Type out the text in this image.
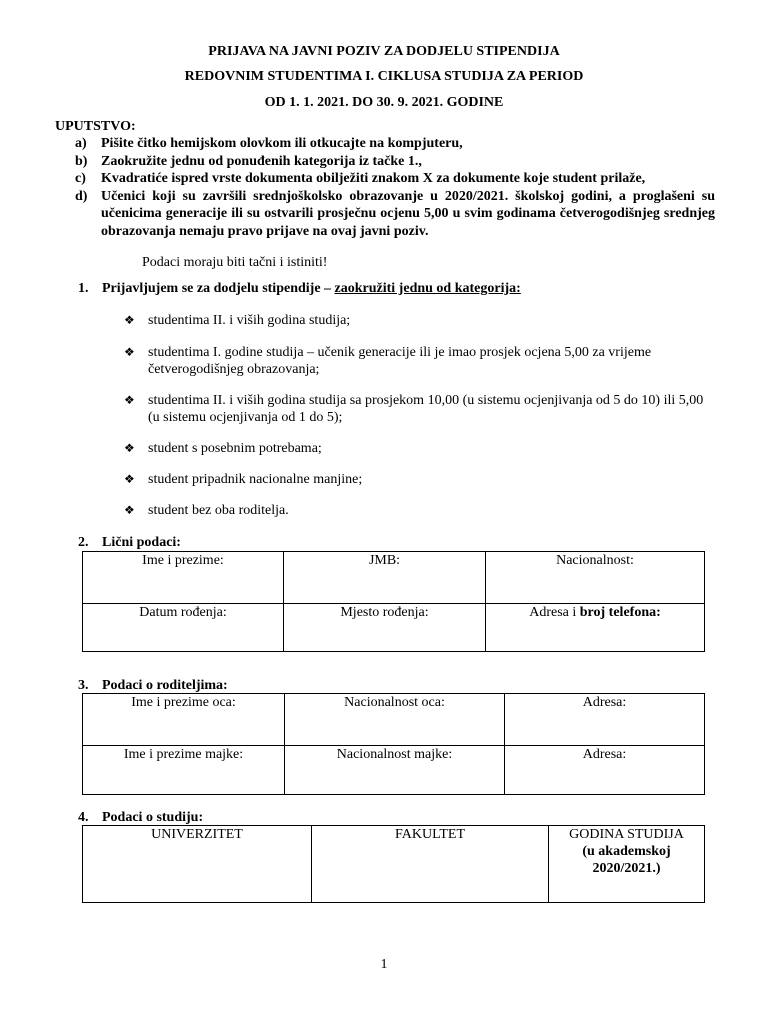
PRIJAVA NA JAVNI POZIV ZA DODJELU STIPENDIJA
REDOVNIM STUDENTIMA I. CIKLUSA STUDIJA ZA PERIOD
OD 1. 1. 2021. DO 30. 9. 2021. GODINE
UPUTSTVO:
a)	Pišite čitko hemijskom olovkom ili otkucajte na kompjuteru,
b) Zaokružite jednu od ponuđenih kategorija iz tačke 1.,
c)	Kvadratiće ispred vrste dokumenta obilježiti znakom X za dokumente koje student prilaže,
d) Učenici koji su završili srednjoškolsko obrazovanje u 2020/2021. školskoj godini, a proglašeni su učenicima generacije ili su ostvarili prosječnu ocjenu 5,00 u svim godinama četverogodišnjeg srednjeg obrazovanja nemaju pravo prijave na ovaj javni poziv.
Podaci moraju biti tačni i istiniti!
1. Prijavljujem se za dodjelu stipendije – zaokružiti jednu od kategorija:
❖ studentima II. i viših godina studija;
❖ studentima I. godine studija – učenik generacije ili je imao prosjek ocjena 5,00 za vrijeme četverogodišnjeg obrazovanja;
❖ studentima II. i viših godina studija sa prosjekom 10,00 (u sistemu ocjenjivanja od 5 do 10) ili 5,00 (u sistemu ocjenjivanja od 1 do 5);
❖ student s posebnim potrebama;
❖ student pripadnik nacionalne manjine;
❖ student bez oba roditelja.
2. Lični podaci:
Ime i prezime:	JMB:	Nacionalnost:
Datum rođenja:	Mjesto rođenja:	Adresa i broj telefona:
3. Podaci o roditeljima:
Ime i prezime oca:	Nacionalnost oca:	Adresa:
Ime i prezime majke:	Nacionalnost majke:	Adresa:
4. Podaci o studiju:
UNIVERZITET	FAKULTET	GODINA STUDIJA
(u akademskoj
2020/2021.)
1
